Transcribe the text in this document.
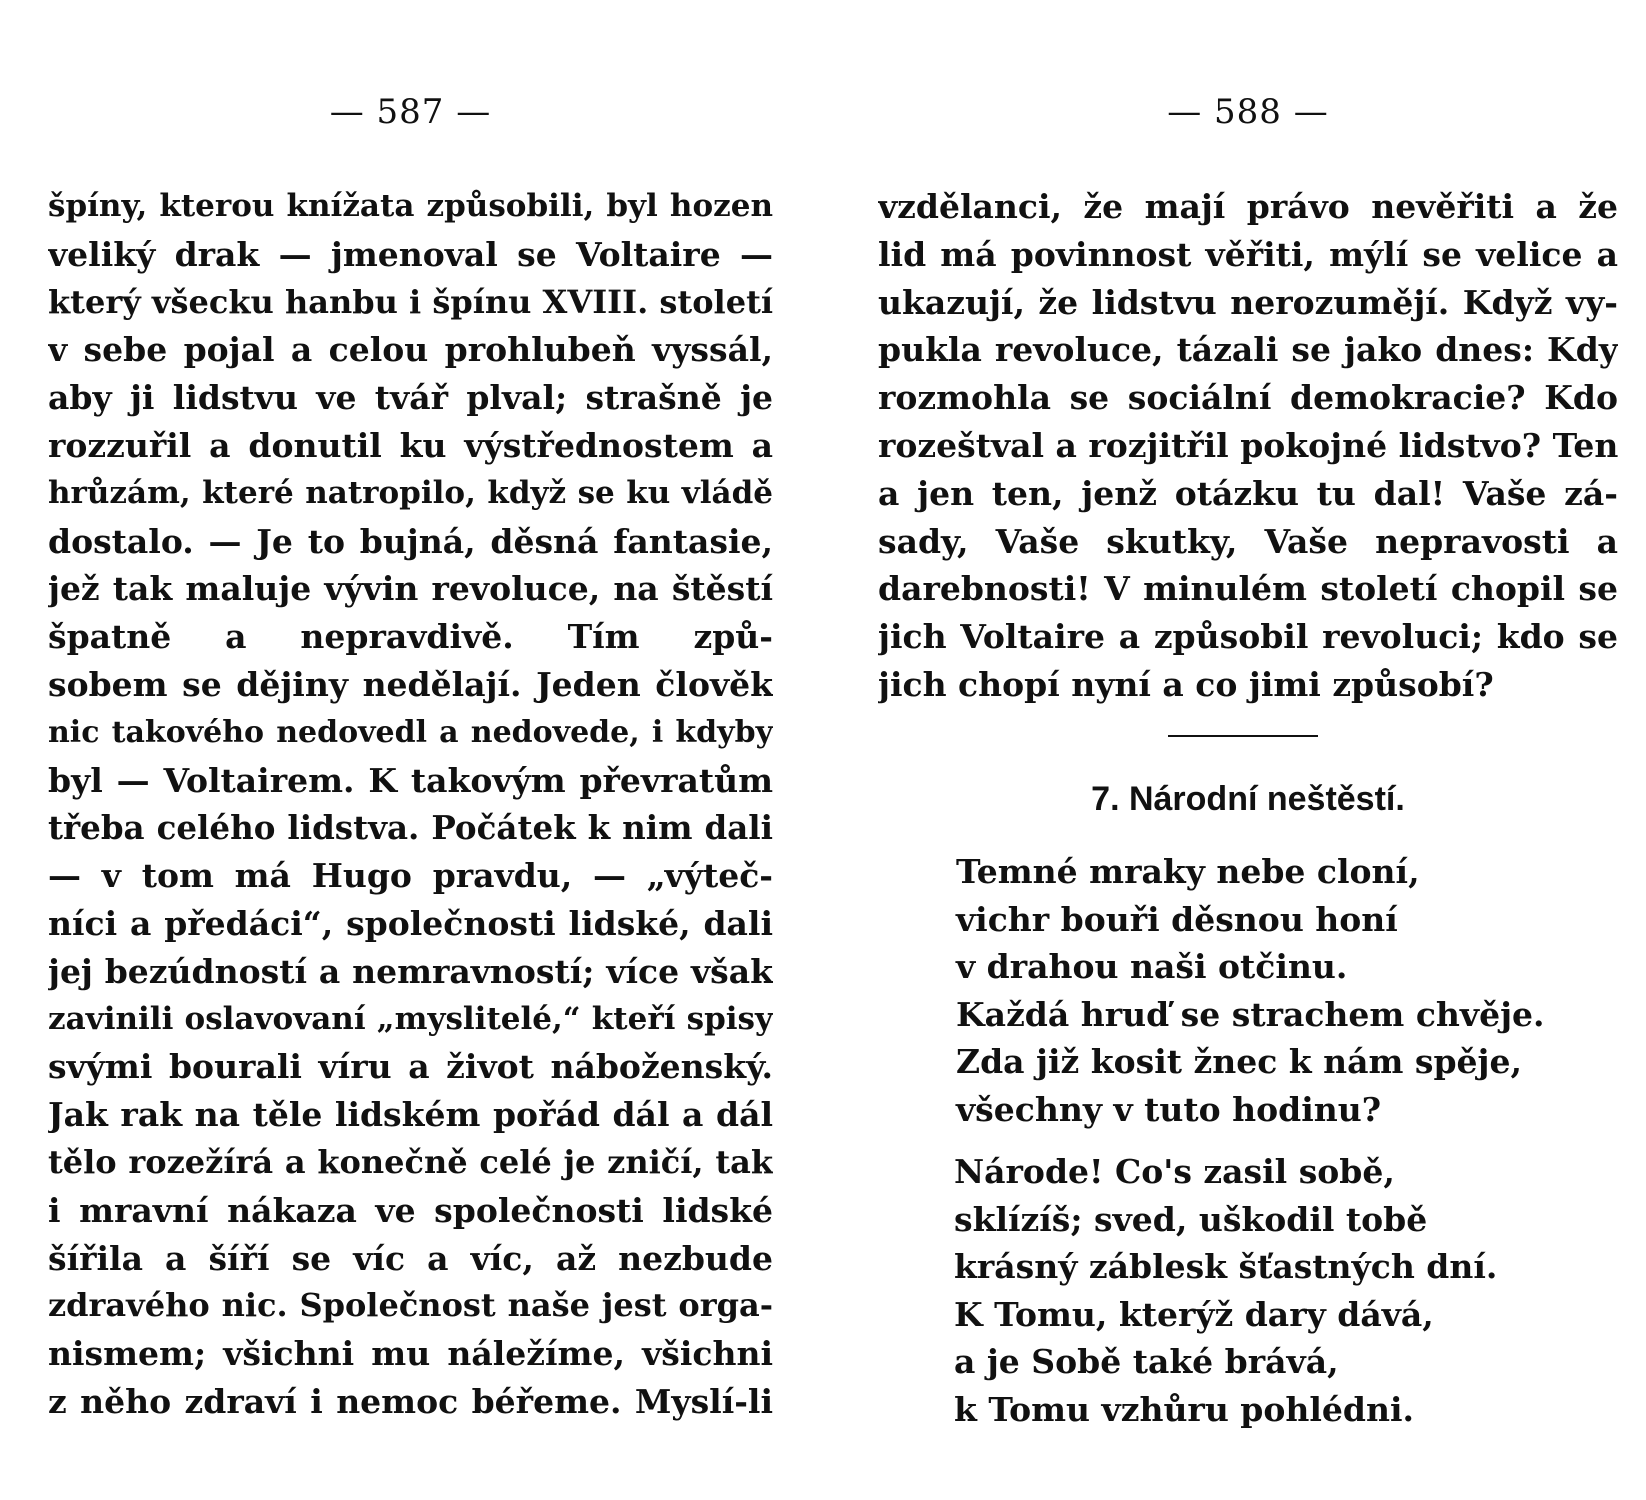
— 587 —
špíny, kterou knížata způsobili, byl hozen
veliký drak — jmenoval se Voltaire —
který všecku hanbu i špínu XVIII. století
v sebe pojal a celou prohlubeň vyssál,
aby ji lidstvu ve tvář plval; strašně je
rozzuřil a donutil ku výstřednostem a
hrůzám, které natropilo, když se ku vládě
dostalo. — Je to bujná, děsná fantasie,
jež tak maluje vývin revoluce, na štěstí
špatně a nepravdivě. Tím způ-
sobem se dějiny nedělají. Jeden člověk
nic takového nedovedl a nedovede, i kdyby
byl — Voltairem. K takovým převratům
třeba celého lidstva. Počátek k nim dali
— v tom má Hugo pravdu, — „výteč-
níci a předáci“, společnosti lidské, dali
jej bezúdností a nemravností; více však
zavinili oslavovaní „myslitelé,“ kteří spisy
svými bourali víru a život náboženský.
Jak rak na těle lidském pořád dál a dál
tělo rozežírá a konečně celé je zničí, tak
i mravní nákaza ve společnosti lidské
šířila a šíří se víc a víc, až nezbude
zdravého nic. Společnost naše jest orga-
nismem; všichni mu náležíme, všichni
z něho zdraví i nemoc béřeme. Myslí-li
— 588 —
vzdělanci, že mají právo nevěřiti a že
lid má povinnost věřiti, mýlí se velice a
ukazují, že lidstvu nerozumějí. Když vy-
pukla revoluce, tázali se jako dnes: Kdy
rozmohla se sociální demokracie? Kdo
rozeštval a rozjitřil pokojné lidstvo? Ten
a jen ten, jenž otázku tu dal! Vaše zá-
sady, Vaše skutky, Vaše nepravosti a
darebnosti! V minulém století chopil se
jich Voltaire a způsobil revoluci; kdo se
jich chopí nyní a co jimi způsobí?
7. Národní neštěstí.
Temné mraky nebe cloní,
vichr bouři děsnou honí
v drahou naši otčinu.
Každá hruď se strachem chvěje.
Zda již kosit žnec k nám spěje,
všechny v tuto hodinu?
Národe! Co's zasil sobě,
sklízíš; sved, uškodil tobě
krásný záblesk šťastných dní.
K Tomu, kterýž dary dává,
a je Sobě také brává,
k Tomu vzhůru pohlédni.
